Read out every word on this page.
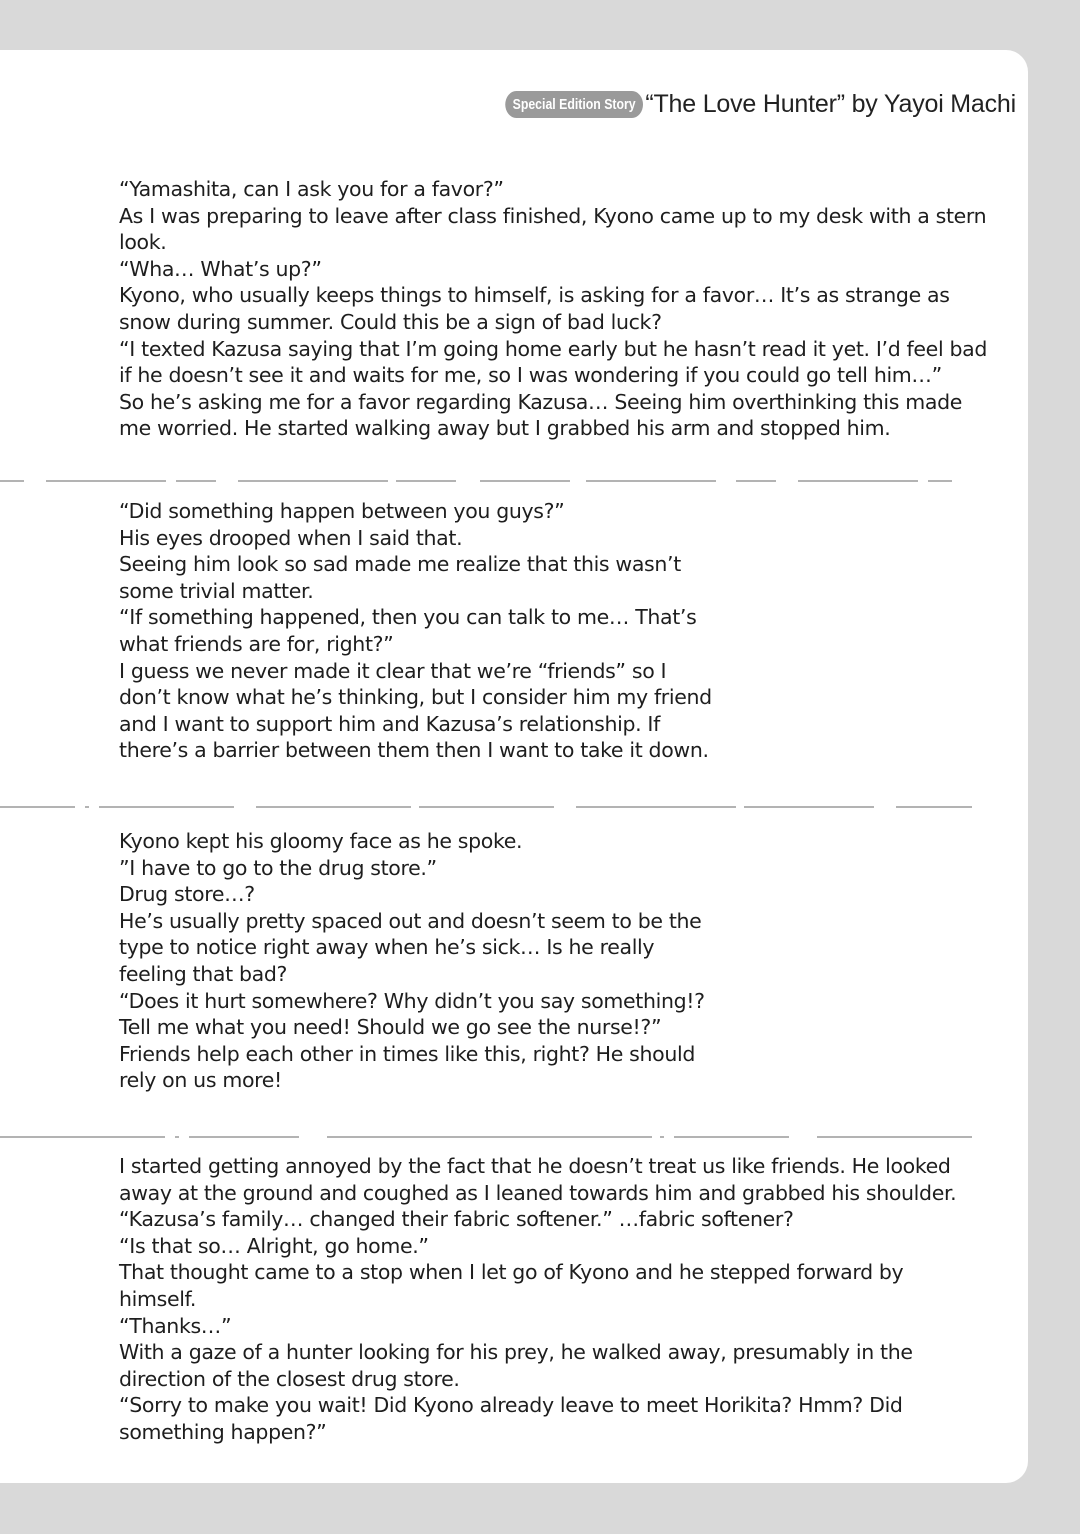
Special Edition Story “The Love Hunter” by Yayoi Machi

“Yamashita, can I ask you for a favor?”

As I was preparing to leave after class finished, Kyono came up to my desk with a stern look.

“Wha… What’s up?”

Kyono, who usually keeps things to himself, is asking for a favor… It’s as strange as snow during summer. Could this be a sign of bad luck?

“I texted Kazusa saying that I’m going home early but he hasn’t read it yet. I’d feel bad if he doesn’t see it and waits for me, so I was wondering if you could go tell him…”

So he’s asking me for a favor regarding Kazusa… Seeing him overthinking this made me worried. He started walking away but I grabbed his arm and stopped him.

“Did something happen between you guys?”

His eyes drooped when I said that.

Seeing him look so sad made me realize that this wasn’t some trivial matter.

“If something happened, then you can talk to me… That’s what friends are for, right?”

I guess we never made it clear that we’re “friends” so I don’t know what he’s thinking, but I consider him my friend and I want to support him and Kazusa’s relationship. If there’s a barrier between them then I want to take it down.

Kyono kept his gloomy face as he spoke.

”I have to go to the drug store.”

Drug store…?

He’s usually pretty spaced out and doesn’t seem to be the type to notice right away when he’s sick… Is he really feeling that bad?

“Does it hurt somewhere? Why didn’t you say something!? Tell me what you need! Should we go see the nurse!?”

Friends help each other in times like this, right? He should rely on us more!

I started getting annoyed by the fact that he doesn’t treat us like friends. He looked away at the ground and coughed as I leaned towards him and grabbed his shoulder.

“Kazusa’s family… changed their fabric softener.” …fabric softener?

“Is that so… Alright, go home.”

That thought came to a stop when I let go of Kyono and he stepped forward by himself.

“Thanks…”

With a gaze of a hunter looking for his prey, he walked away, presumably in the direction of the closest drug store.

“Sorry to make you wait! Did Kyono already leave to meet Horikita? Hmm? Did something happen?”
